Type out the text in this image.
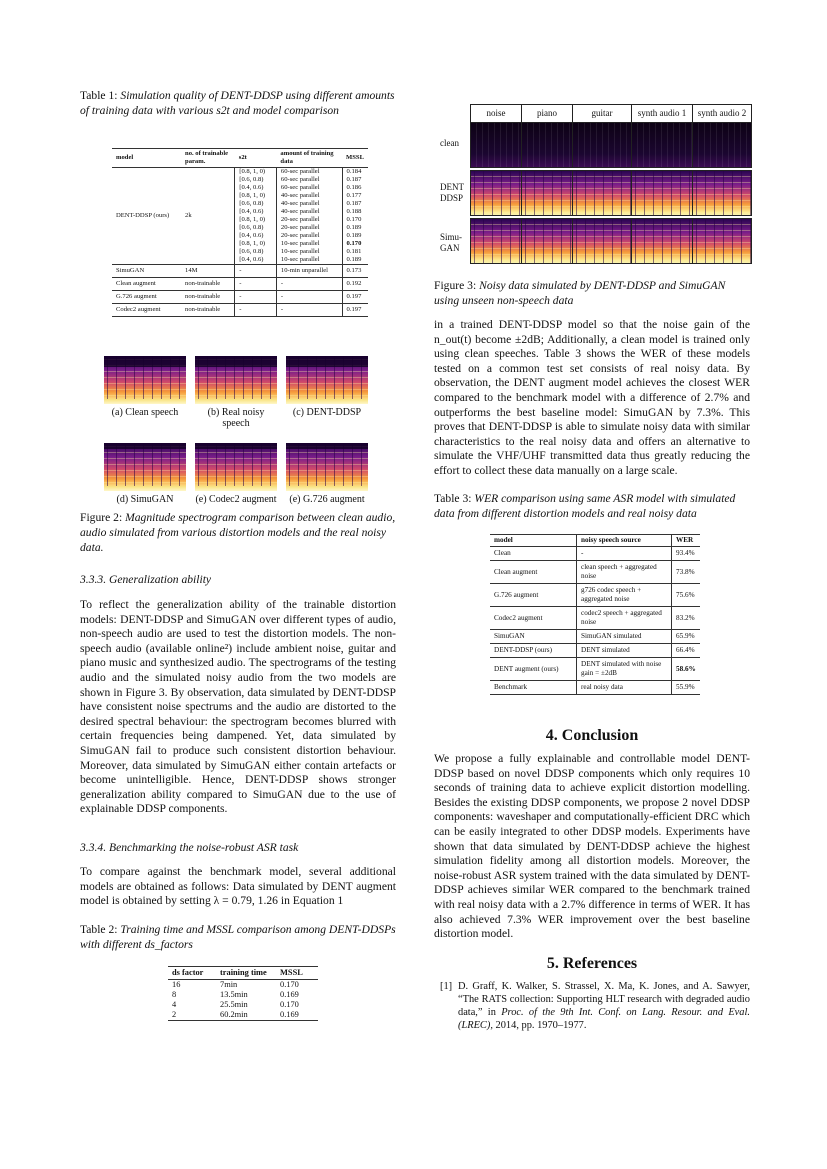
Table 1: Simulation quality of DENT-DDSP using different amounts of training data with various s2t and model comparison

model	no. of trainable param.	s2t	amount of training data	MSSL
DENT-DDSP (ours)	2k	[0.8, 1, 0)	60-sec parallel	0.184
		[0.6, 0.8)	60-sec parallel	0.187
		[0.4, 0.6)	60-sec parallel	0.186
		[0.8, 1, 0)	40-sec parallel	0.177
		[0.6, 0.8)	40-sec parallel	0.187
		[0.4, 0.6)	40-sec parallel	0.188
		[0.8, 1, 0)	20-sec parallel	0.170
		[0.6, 0.8)	20-sec parallel	0.189
		[0.4, 0.6)	20-sec parallel	0.189
		[0.8, 1, 0)	10-sec parallel	0.170
		[0.6, 0.8)	10-sec parallel	0.181
		[0.4, 0.6)	10-sec parallel	0.189
SimuGAN	14M	-	10-min unparallel	0.173
Clean augment	non-trainable	-	-	0.192
G.726 augment	non-trainable	-	-	0.197
Codec2 augment	non-trainable	-	-	0.197
(a) Clean speech	(b) Real noisy speech
(c) DENT-DDSP
(d) SimuGAN	(e) Codec2 augment	(e) G.726 augment

Figure 2: Magnitude spectrogram comparison between clean audio, audio simulated from various distortion models and the real noisy data.

3.3.3. Generalization ability

To reflect the generalization ability of the trainable distortion models: DENT-DDSP and SimuGAN over different types of audio, non-speech audio are used to test the distortion models. The non-speech audio (available online²) include ambient noise, guitar and piano music and synthesized audio. The spectrograms of the testing audio and the simulated noisy audio from the two models are shown in Figure 3. By observation, data simulated by DENT-DDSP have consistent noise spectrums and the audio are distorted to the desired spectral behaviour: the spectrogram becomes blurred with certain frequencies being dampened. Yet, data simulated by SimuGAN fail to produce such consistent distortion behaviour. Moreover, data simulated by SimuGAN either contain artefacts or become unintelligible. Hence, DENT-DDSP shows stronger generalization ability compared to SimuGAN due to the use of explainable DDSP components.

3.3.4. Benchmarking the noise-robust ASR task

To compare against the benchmark model, several additional models are obtained as follows: Data simulated by DENT augment model is obtained by setting λ = 0.79, 1.26 in Equation 1

Table 2: Training time and MSSL comparison among DENT-DDSPs with different ds_factors

ds factor	training time	MSSL
16	7min	0.170
8	13.5min	0.169
4	25.5min	0.170
2	60.2min	0.169
noise	piano	guitar	synth audio 1	synth audio 2
clean
DENT DDSP
Simu- GAN

Figure 3: Noisy data simulated by DENT-DDSP and SimuGAN using unseen non-speech data

in a trained DENT-DDSP model so that the noise gain of the n_out(t) become ±2dB; Additionally, a clean model is trained only using clean speeches. Table 3 shows the WER of these models tested on a common test set consists of real noisy data. By observation, the DENT augment model achieves the closest WER compared to the benchmark model with a difference of 2.7% and outperforms the best baseline model: SimuGAN by 7.3%. This proves that DENT-DDSP is able to simulate noisy data with similar characteristics to the real noisy data and offers an alternative to simulate the VHF/UHF transmitted data thus greatly reducing the effort to collect these data manually on a large scale.

Table 3: WER comparison using same ASR model with simulated data from different distortion models and real noisy data

model	noisy speech source	WER
Clean	-	93.4%
Clean augment	clean speech + aggregated noise	73.8%
G.726 augment	g726 codec speech + aggregated noise	75.6%
Codec2 augment	codec2 speech + aggregated noise	83.2%
SimuGAN	SimuGAN simulated	65.9%
DENT-DDSP (ours)	DENT simulated	66.4%
DENT augment (ours)	DENT simulated with noise gain = ±2dB	58.6%
Benchmark	real noisy data	55.9%
4. Conclusion

We propose a fully explainable and controllable model DENT-DDSP based on novel DDSP components which only requires 10 seconds of training data to achieve explicit distortion modelling. Besides the existing DDSP components, we propose 2 novel DDSP components: waveshaper and computationally-efficient DRC which can be easily integrated to other DDSP models. Experiments have shown that data simulated by DENT-DDSP achieve the highest simulation fidelity among all distortion models. Moreover, the noise-robust ASR system trained with the data simulated by DENT-DDSP achieves similar WER compared to the benchmark trained with real noisy data with a 2.7% difference in terms of WER. It has also achieved 7.3% WER improvement over the best baseline distortion model.

5. References
[1] D. Graff, K. Walker, S. Strassel, X. Ma, K. Jones, and A. Sawyer, “The RATS collection: Supporting HLT research with degraded audio data,” in Proc. of the 9th Int. Conf. on Lang. Resour. and Eval. (LREC), 2014, pp. 1970–1977.
